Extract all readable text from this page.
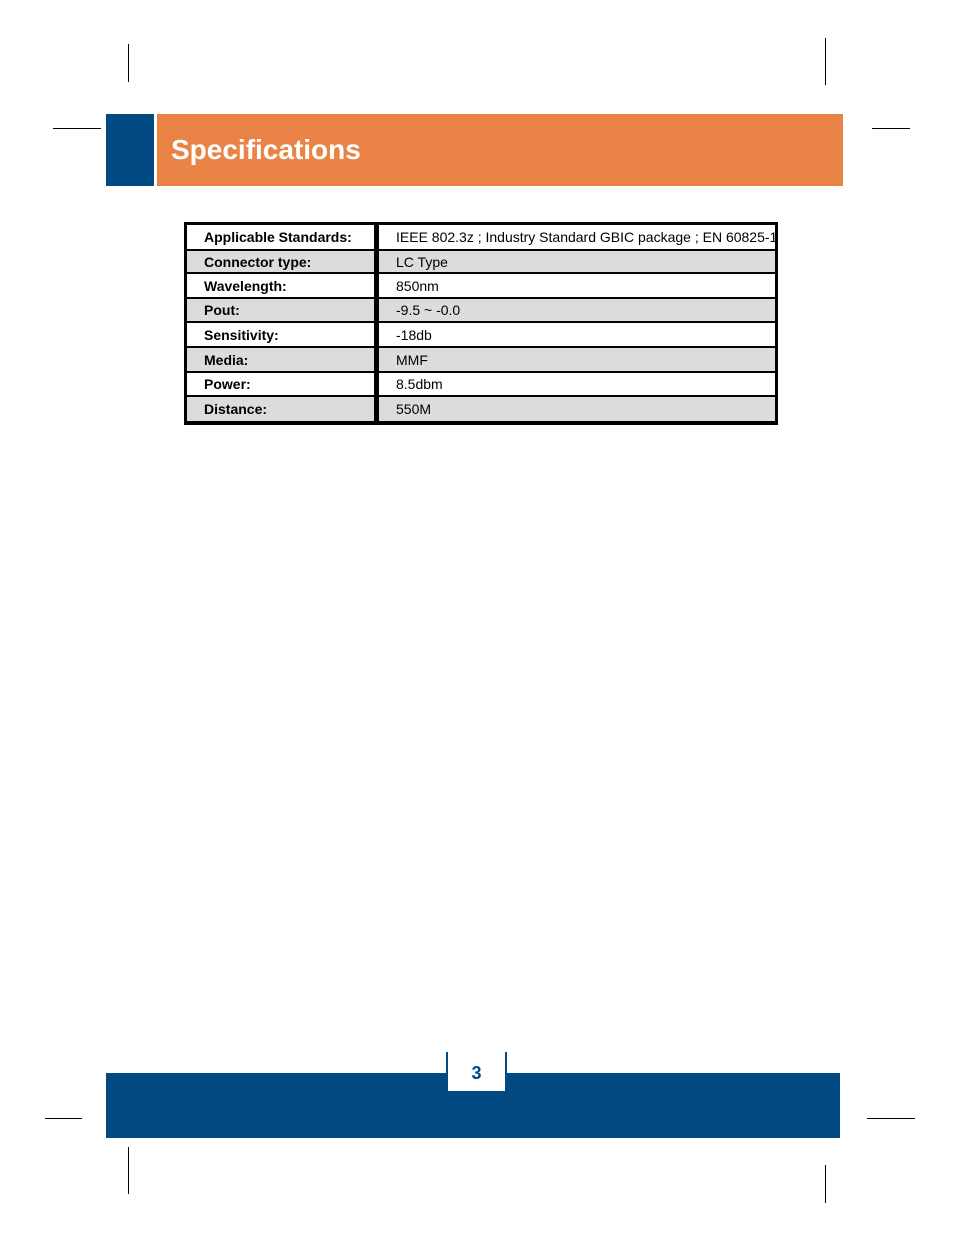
Specifications
Applicable Standards:	IEEE 802.3z ; Industry Standard GBIC package ; EN 60825-1
Connector type:	LC Type
Wavelength:	850nm
Pout:	-9.5 ~ -0.0
Sensitivity:	-18db
Media:	MMF
Power:	8.5dbm
Distance:	550M
3
